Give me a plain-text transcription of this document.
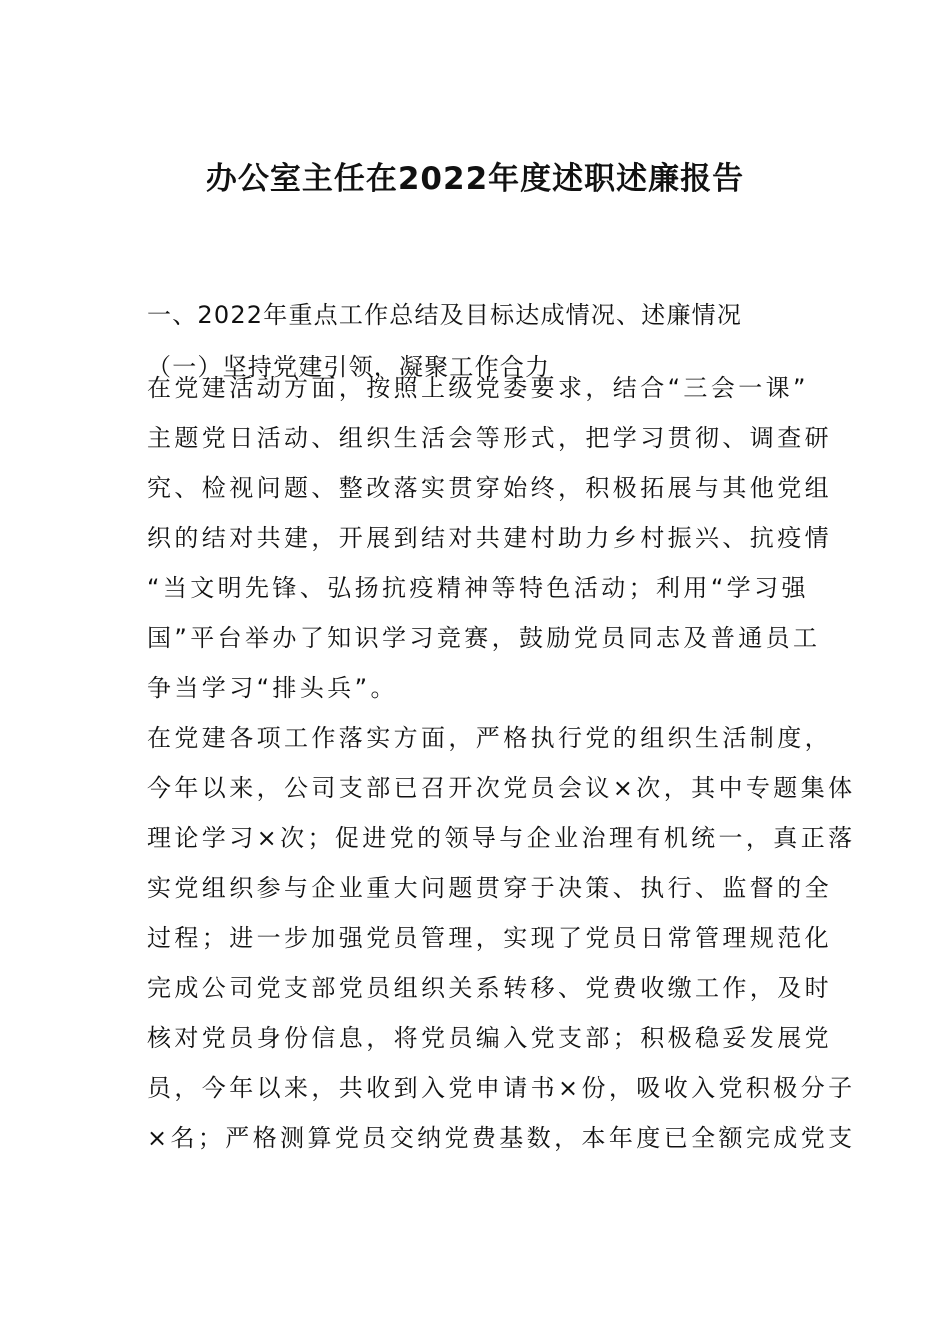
办公室主任在2022年度述职述廉报告
一、2022年重点工作总结及目标达成情况、述廉情况
（一）坚持党建引领，凝聚工作合力
在党建活动方面，按照上级党委要求，结合“三会一课”
主题党日活动、组织生活会等形式，把学习贯彻、调查研
究、检视问题、整改落实贯穿始终，积极拓展与其他党组
织的结对共建，开展到结对共建村助力乡村振兴、抗疫情
“当文明先锋、弘扬抗疫精神等特色活动；利用“学习强
国”平台举办了知识学习竞赛，鼓励党员同志及普通员工
争当学习“排头兵”。
在党建各项工作落实方面，严格执行党的组织生活制度，
今年以来，公司支部已召开次党员会议×次，其中专题集体
理论学习×次；促进党的领导与企业治理有机统一，真正落
实党组织参与企业重大问题贯穿于决策、执行、监督的全
过程；进一步加强党员管理，实现了党员日常管理规范化
完成公司党支部党员组织关系转移、党费收缴工作，及时
核对党员身份信息，将党员编入党支部；积极稳妥发展党
员，今年以来，共收到入党申请书×份，吸收入党积极分子
×名；严格测算党员交纳党费基数，本年度已全额完成党支
